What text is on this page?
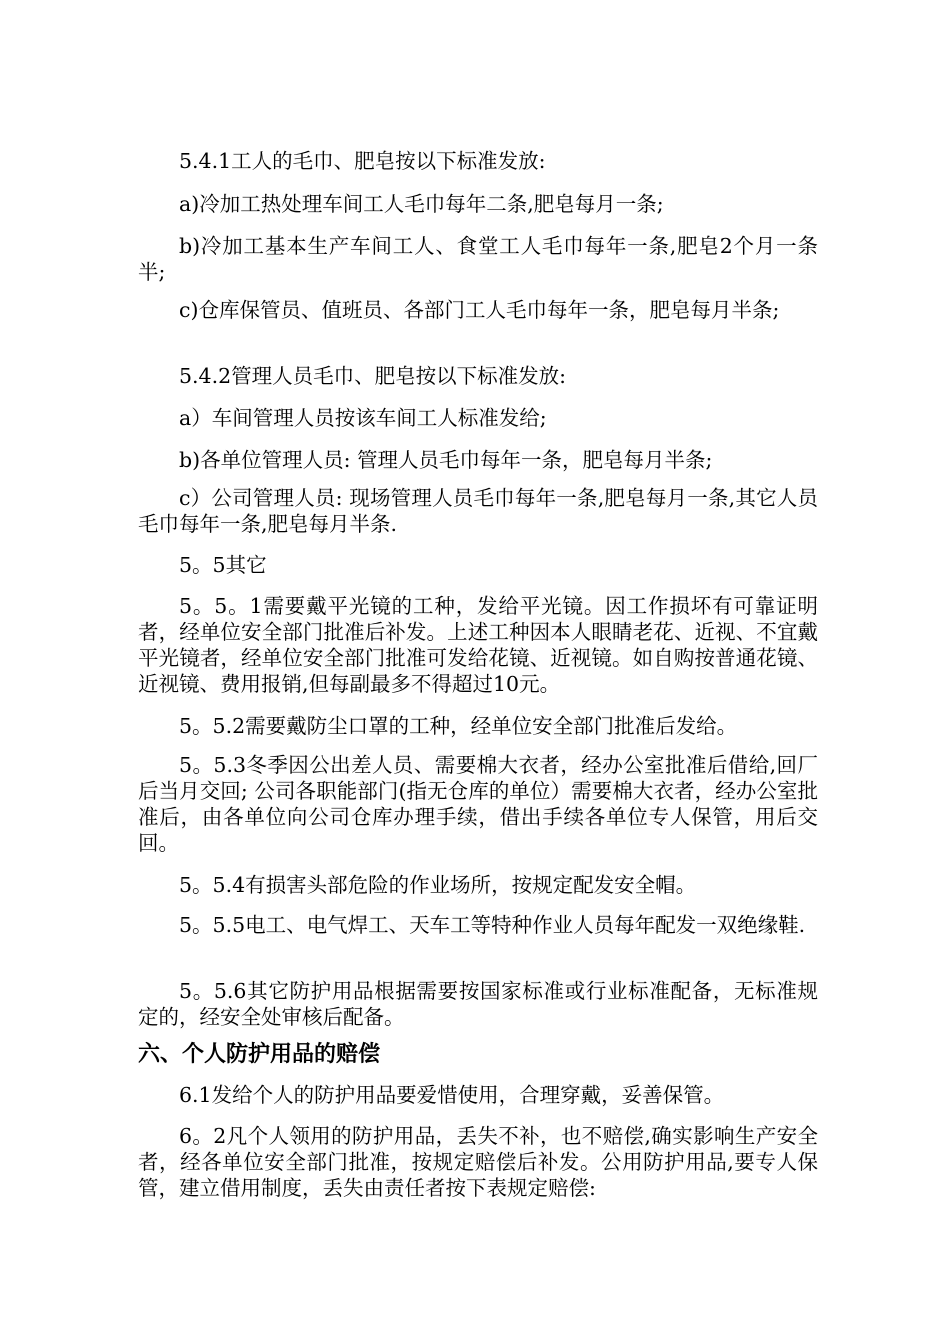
5.4.1工人的毛巾、肥皂按以下标准发放:

a)冷加工热处理车间工人毛巾每年二条,肥皂每月一条;

b)冷加工基本生产车间工人、食堂工人毛巾每年一条,肥皂2个月一条半;

c)仓库保管员、值班员、各部门工人毛巾每年一条，肥皂每月半条;

5.4.2管理人员毛巾、肥皂按以下标准发放:

a）车间管理人员按该车间工人标准发给;

b)各单位管理人员: 管理人员毛巾每年一条，肥皂每月半条;

c）公司管理人员: 现场管理人员毛巾每年一条,肥皂每月一条,其它人员毛巾每年一条,肥皂每月半条.

5。5其它

5。5。1需要戴平光镜的工种，发给平光镜。因工作损坏有可靠证明者，经单位安全部门批准后补发。上述工种因本人眼睛老花、近视、不宜戴平光镜者，经单位安全部门批准可发给花镜、近视镜。如自购按普通花镜、近视镜、费用报销,但每副最多不得超过10元。

5。5.2需要戴防尘口罩的工种，经单位安全部门批准后发给。

5。5.3冬季因公出差人员、需要棉大衣者，经办公室批准后借给,回厂后当月交回; 公司各职能部门(指无仓库的单位）需要棉大衣者，经办公室批准后，由各单位向公司仓库办理手续，借出手续各单位专人保管，用后交回。

5。5.4有损害头部危险的作业场所，按规定配发安全帽。

5。5.5电工、电气焊工、天车工等特种作业人员每年配发一双绝缘鞋.

5。5.6其它防护用品根据需要按国家标准或行业标准配备，无标准规定的，经安全处审核后配备。

六、个人防护用品的赔偿

6.1发给个人的防护用品要爱惜使用，合理穿戴，妥善保管。

6。2凡个人领用的防护用品，丢失不补，也不赔偿,确实影响生产安全者，经各单位安全部门批准，按规定赔偿后补发。公用防护用品,要专人保管，建立借用制度，丢失由责任者按下表规定赔偿:
